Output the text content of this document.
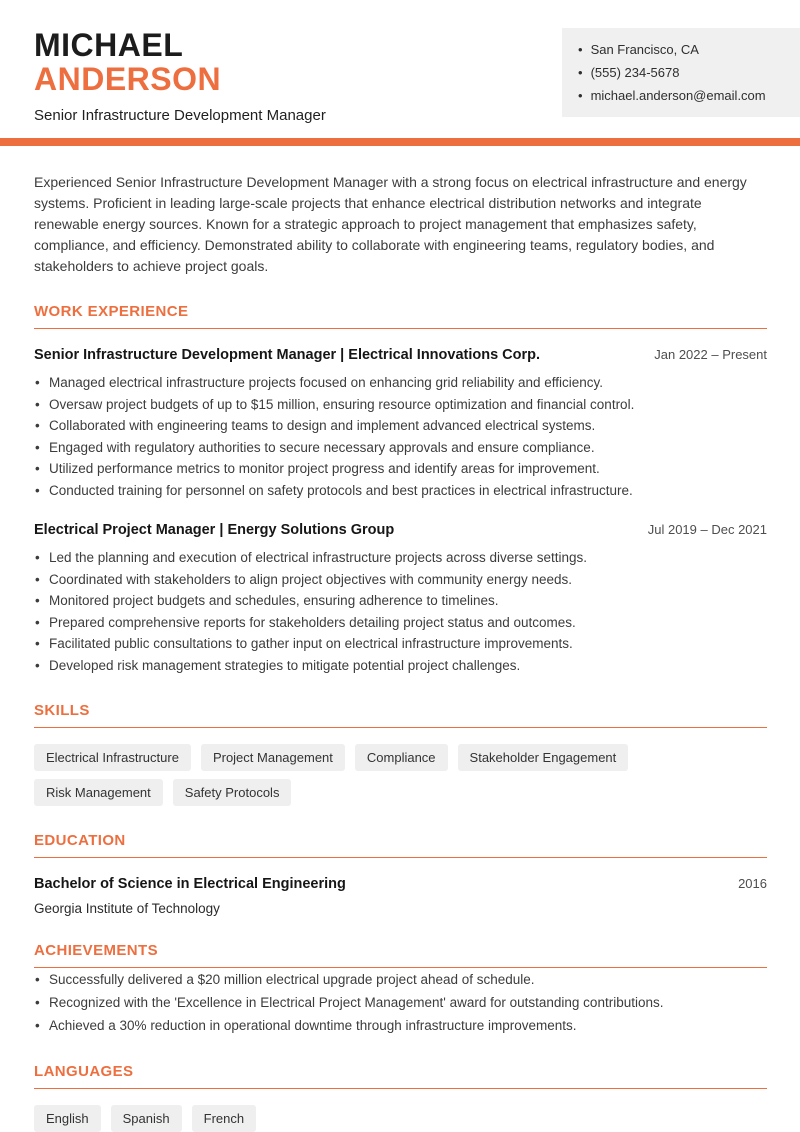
MICHAEL
ANDERSON
Senior Infrastructure Development Manager
• San Francisco, CA
• (555) 234-5678
• michael.anderson@email.com

Experienced Senior Infrastructure Development Manager with a strong focus on electrical infrastructure and energy systems. Proficient in leading large-scale projects that enhance electrical distribution networks and integrate renewable energy sources. Known for a strategic approach to project management that emphasizes safety, compliance, and efficiency. Demonstrated ability to collaborate with engineering teams, regulatory bodies, and stakeholders to achieve project goals.

WORK EXPERIENCE
Senior Infrastructure Development Manager | Electrical Innovations Corp.	Jan 2022 – Present
• Managed electrical infrastructure projects focused on enhancing grid reliability and efficiency.
• Oversaw project budgets of up to $15 million, ensuring resource optimization and financial control.
• Collaborated with engineering teams to design and implement advanced electrical systems.
• Engaged with regulatory authorities to secure necessary approvals and ensure compliance.
• Utilized performance metrics to monitor project progress and identify areas for improvement.
• Conducted training for personnel on safety protocols and best practices in electrical infrastructure.
Electrical Project Manager | Energy Solutions Group	Jul 2019 – Dec 2021
• Led the planning and execution of electrical infrastructure projects across diverse settings.
• Coordinated with stakeholders to align project objectives with community energy needs.
• Monitored project budgets and schedules, ensuring adherence to timelines.
• Prepared comprehensive reports for stakeholders detailing project status and outcomes.
• Facilitated public consultations to gather input on electrical infrastructure improvements.
• Developed risk management strategies to mitigate potential project challenges.
SKILLS
Electrical Infrastructure	Project Management	Compliance	Stakeholder Engagement
Risk Management	Safety Protocols
EDUCATION
Bachelor of Science in Electrical Engineering	2016
Georgia Institute of Technology
ACHIEVEMENTS
• Successfully delivered a $20 million electrical upgrade project ahead of schedule.
• Recognized with the 'Excellence in Electrical Project Management' award for outstanding contributions.
• Achieved a 30% reduction in operational downtime through infrastructure improvements.
LANGUAGES
English	Spanish	French
